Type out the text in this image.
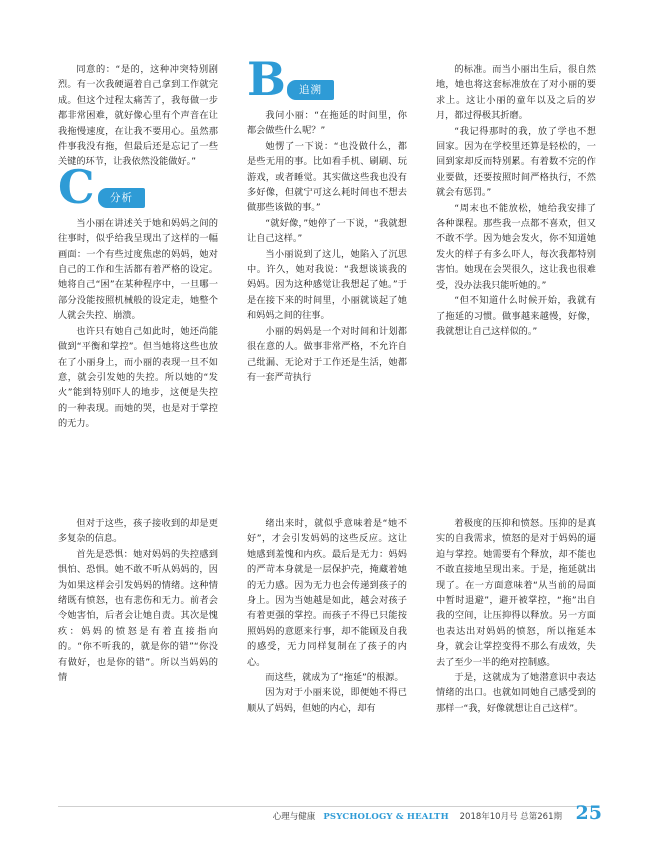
同意的：“是的，这种冲突特别剧烈。有一次我硬逼着自己拿到工作就完成。但这个过程太痛苦了，我每做一步都非常困难，就好像心里有个声音在让我拖慢速度，在让我不要用心。虽然那件事我没有拖，但最后还是忘记了一些关键的环节，让我依然没能做好。”

C	分析

当小丽在讲述关于她和妈妈之间的往事时，似乎给我呈现出了这样的一幅画面：一个有些过度焦虑的妈妈，她对自己的工作和生活都有着严格的设定。她将自己“困”在某种程序中，一旦哪一部分没能按照机械般的设定走，她整个人就会失控、崩溃。

也许只有她自己如此时，她还尚能做到“平衡和掌控”。但当她将这些也放在了小丽身上，而小丽的表现一旦不如意，就会引发她的失控。所以她的“发火”能到特别吓人的地步，这便是失控的一种表现。而她的哭，也是对于掌控的无力。

B	追溯

我问小丽：“在拖延的时间里，你都会做些什么呢？”

她愣了一下说：“也没做什么，都是些无用的事。比如看手机、刷刷、玩游戏，或者睡觉。其实做这些我也没有多好像，但就宁可这么耗时间也不想去做那些该做的事。”

“就好像，”她停了一下说，“我就想让自己这样。”

当小丽说到了这儿，她陷入了沉思中。许久，她对我说：“我想谈谈我的妈妈。因为这种感觉让我想起了她。”于是在接下来的时间里，小丽就谈起了她和妈妈之间的往事。

小丽的妈妈是一个对时间和计划都很在意的人。做事非常严格，不允许自己纰漏、无论对于工作还是生活，她都有一套严苛执行

的标准。而当小丽出生后，很自然地，她也将这套标准放在了对小丽的要求上。这让小丽的童年以及之后的岁月，都过得极其折磨。

“我记得那时的我，放了学也不想回家。因为在学校里还算是轻松的，一回到家却反而特别累。有着数不完的作业要做，还要按照时间严格执行，不然就会有惩罚。”

“周末也不能放松，她给我安排了各种课程。那些我一点都不喜欢，但又不敢不学。因为她会发火，你不知道她发火的样子有多么吓人，每次我都特别害怕。她现在会哭很久，这让我也很难受，没办法我只能听她的。”

“但不知道什么时候开始，我就有了拖延的习惯。做事越来越慢，好像，我就想让自己这样似的。”

但对于这些，孩子接收到的却是更多复杂的信息。

首先是恐惧：她对妈妈的失控感到惧怕、恐惧。她不敢不听从妈妈的，因为如果这样会引发妈妈的情绪。这种情绪既有愤怒，也有悲伤和无力。前者会令她害怕，后者会让她自责。其次是愧疚：妈妈的愤怒是有着直接指向的。“你不听我的，就是你的错”“你没有做好，也是你的错”。所以当妈妈的情

绪出来时，就似乎意味着是“她不好”，才会引发妈妈的这些反应。这让她感到羞愧和内疚。最后是无力：妈妈的严苛本身就是一层保护壳，掩藏着她的无力感。因为无力也会传递到孩子的身上。因为当她越是如此，越会对孩子有着更强的掌控。而孩子不得已只能按照妈妈的意愿来行事，却不能顾及自我的感受，无力同样复制在了孩子的内心。

而这些，就成为了“拖延”的根源。

因为对于小丽来说，即便她不得已顺从了妈妈，但她的内心，却有

着极度的压抑和愤怒。压抑的是真实的自我需求，愤怒的是对于妈妈的逼迫与掌控。她需要有个释放，却不能也不敢直接地呈现出来。于是，拖延就出现了。在一方面意味着“从当前的局面中暂时退避”，避开被掌控，“拖”出自我的空间，让压抑得以释放。另一方面也表达出对妈妈的愤怒，所以拖延本身，就会让掌控变得不那么有成效，失去了至少一半的绝对控制感。

于是，这就成为了她潜意识中表达情绪的出口。也就如同她自己感受到的那样一“我，好像就想让自己这样”。

心理与健康 PSYCHOLOGY & HEALTH 2018年10月号 总第261期 25
